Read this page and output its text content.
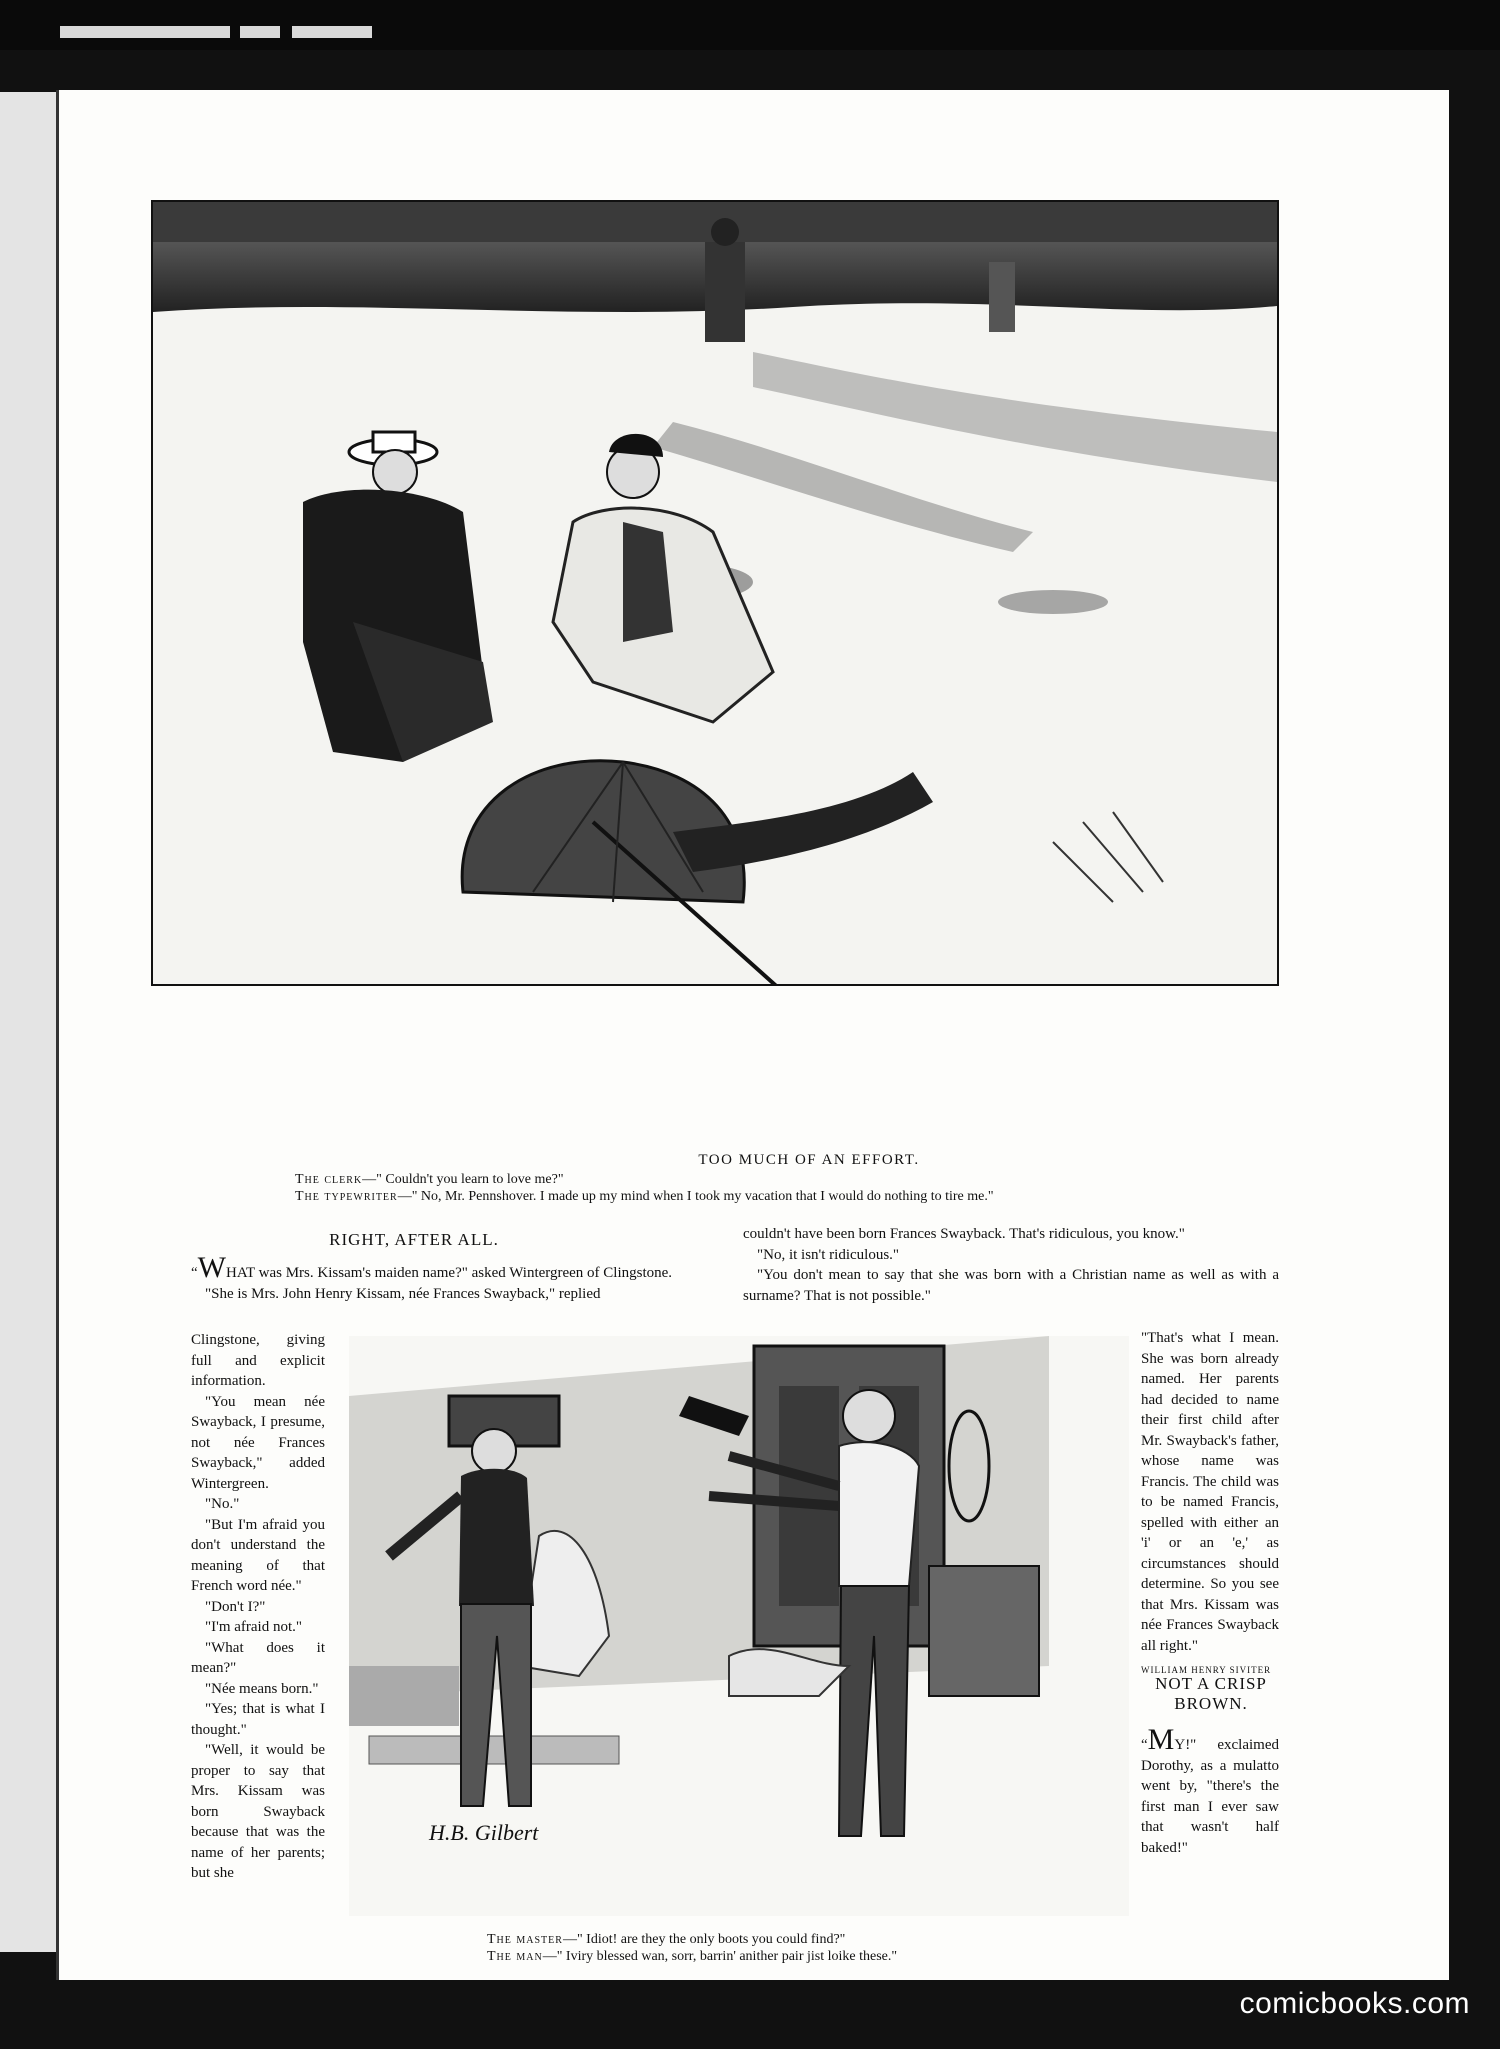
TOO MUCH OF AN EFFORT.
The clerk—" Couldn't you learn to love me?"
The typewriter—" No, Mr. Pennshover. I made up my mind when I took my vacation that I would do nothing to tire me."
RIGHT, AFTER ALL.

“WHAT was Mrs. Kissam's maiden name?" asked Wintergreen of Clingstone.

"She is Mrs. John Henry Kissam, née Frances Swayback," replied

Clingstone, giving full and explicit information.

"You mean née Swayback, I presume, not née Frances Swayback," added Wintergreen.

"No."

"But I'm afraid you don't understand the meaning of that French word née."

"Don't I?"

"I'm afraid not."

"What does it mean?"

"Née means born."

"Yes; that is what I thought."

"Well, it would be proper to say that Mrs. Kissam was born Swayback because that was the name of her parents; but she

couldn't have been born Frances Swayback. That's ridiculous, you know."

"No, it isn't ridiculous."

"You don't mean to say that she was born with a Christian name as well as with a surname? That is not possible."

"That's what I mean. She was born already named. Her parents had decided to name their first child after Mr. Swayback's father, whose name was Francis. The child was to be named Francis, spelled with either an 'i' or an 'e,' as circumstances should determine. So you see that Mrs. Kissam was née Frances Swayback all right."

WILLIAM HENRY SIVITER
H.B. Gilbert
The master—" Idiot! are they the only boots you could find?"
The man—" Iviry blessed wan, sorr, barrin' anither pair jist loike these."
NOT A CRISP
BROWN.

“MY!" exclaimed Dorothy, as a mulatto went by, "there's the first man I ever saw that wasn't half baked!"

comicbooks.com
